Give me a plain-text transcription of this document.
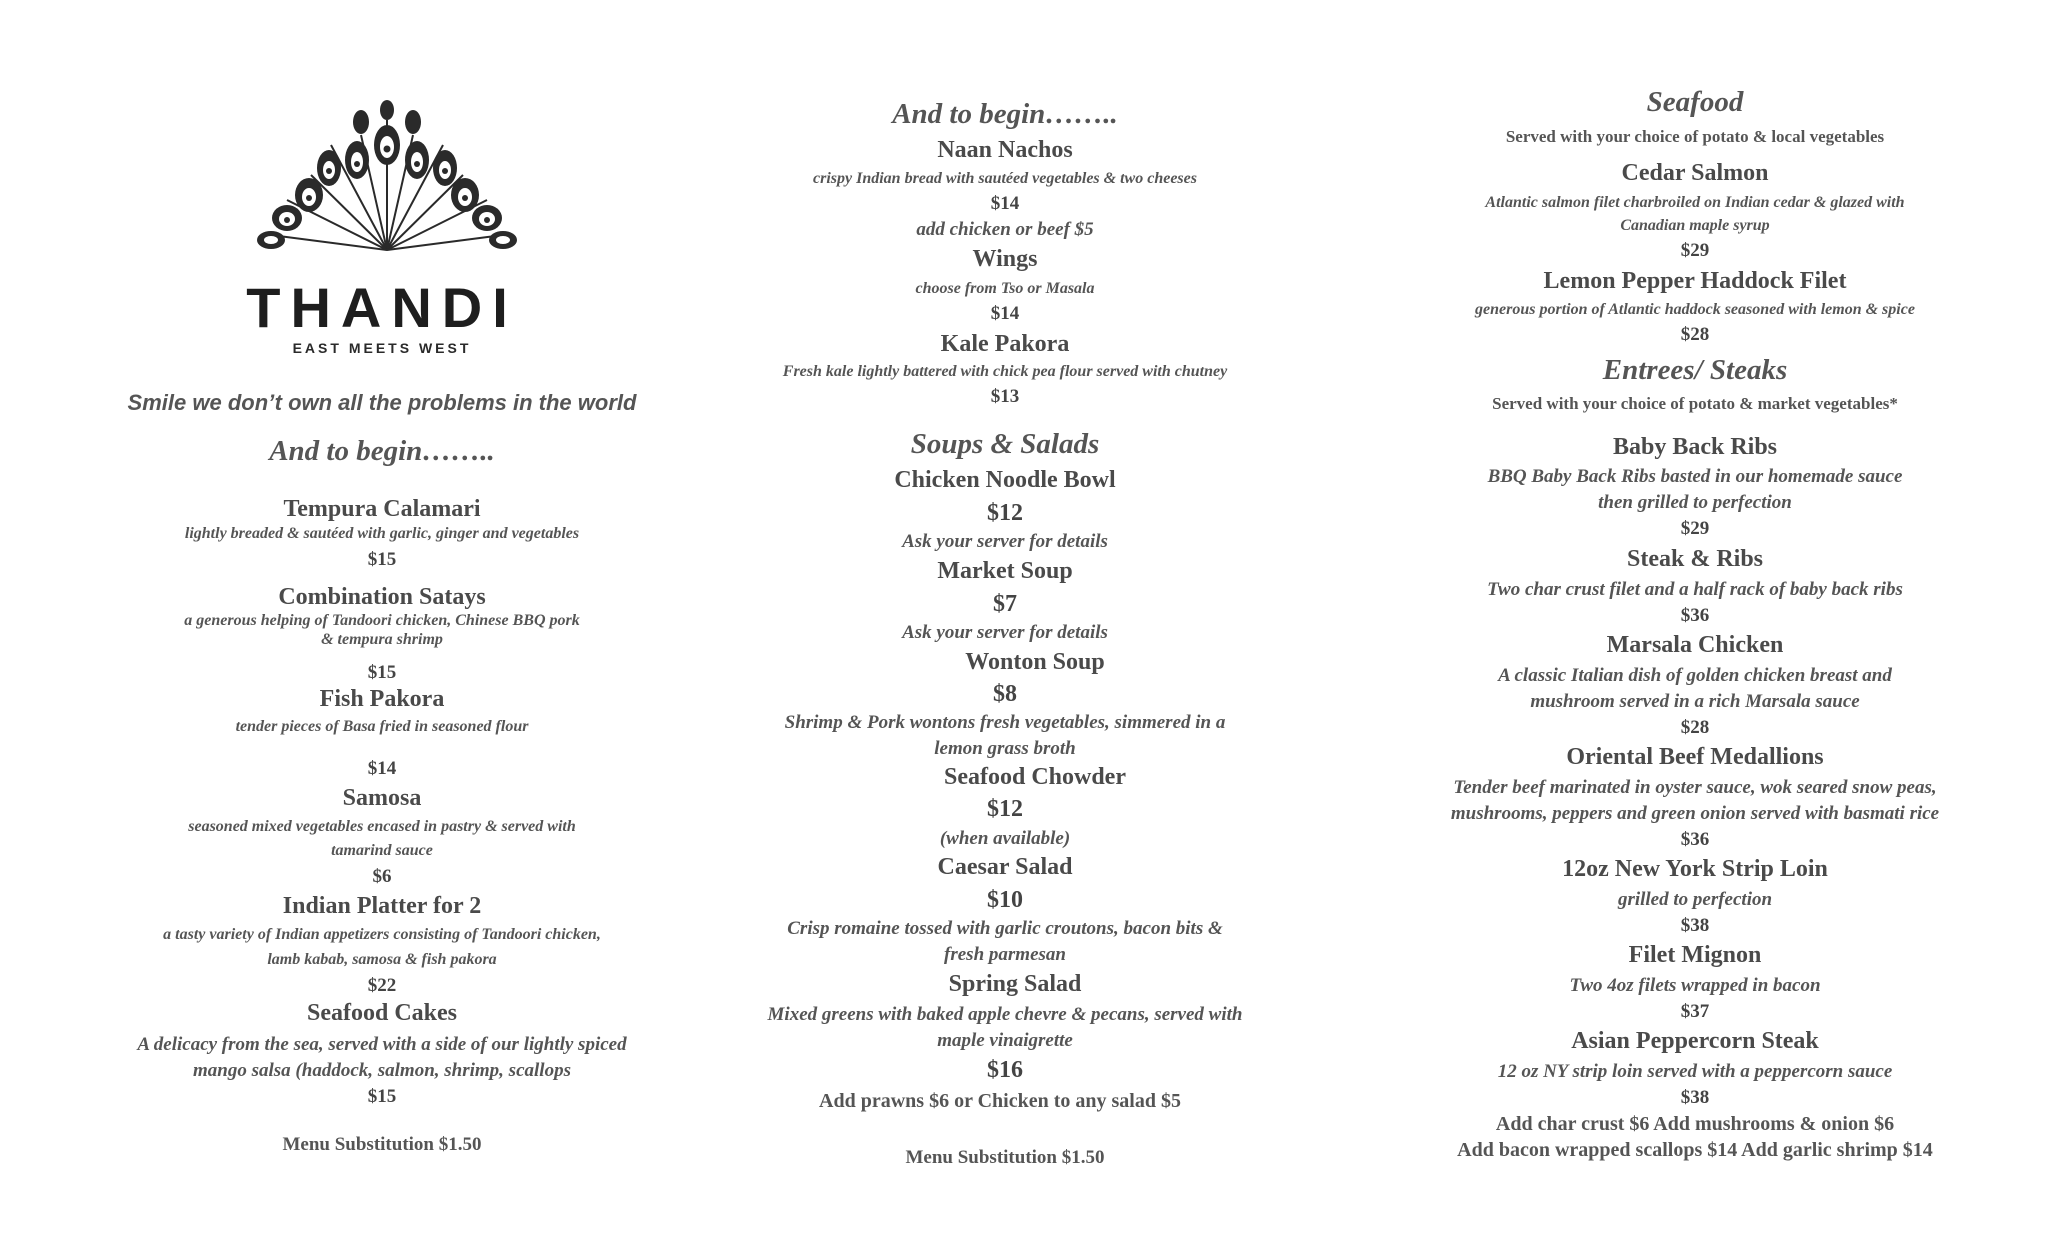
THANDI
EAST MEETS WEST
Smile we don’t own all the problems in the world
And to begin……..
Tempura Calamari
lightly breaded & sautéed with garlic, ginger and vegetables
$15
Combination Satays
a generous helping of Tandoori chicken, Chinese BBQ pork
& tempura shrimp
$15
Fish Pakora
tender pieces of Basa fried in seasoned flour
$14
Samosa
seasoned mixed vegetables encased in pastry & served with
tamarind sauce
$6
Indian Platter for 2
a tasty variety of Indian appetizers consisting of Tandoori chicken,
lamb kabab, samosa & fish pakora
$22
Seafood Cakes
A delicacy from the sea, served with a side of our lightly spiced
mango salsa (haddock, salmon, shrimp, scallops
$15
Menu Substitution $1.50
And to begin……..
Naan Nachos
crispy Indian bread with sautéed vegetables & two cheeses
$14
add chicken or beef $5
Wings
choose from Tso or Masala
$14
Kale Pakora
Fresh kale lightly battered with chick pea flour served with chutney
$13
Soups & Salads
Chicken Noodle Bowl
$12
Ask your server for details
Market Soup
$7
Ask your server for details
Wonton Soup
$8
Shrimp & Pork wontons fresh vegetables, simmered in a
lemon grass broth
Seafood Chowder
$12
(when available)
Caesar Salad
$10
Crisp romaine tossed with garlic croutons, bacon bits &
fresh parmesan
Spring Salad
Mixed greens with baked apple chevre & pecans, served with
maple vinaigrette
$16
Add prawns $6 or Chicken to any salad $5
Menu Substitution $1.50
Seafood
Served with your choice of potato & local vegetables
Cedar Salmon
Atlantic salmon filet charbroiled on Indian cedar & glazed with
Canadian maple syrup
$29
Lemon Pepper Haddock Filet
generous portion of Atlantic haddock seasoned with lemon & spice
$28
Entrees/ Steaks
Served with your choice of potato & market vegetables*
Baby Back Ribs
BBQ Baby Back Ribs basted in our homemade sauce
then grilled to perfection
$29
Steak & Ribs
Two char crust filet and a half rack of baby back ribs
$36
Marsala Chicken
A classic Italian dish of golden chicken breast and
mushroom served in a rich Marsala sauce
$28
Oriental Beef Medallions
Tender beef marinated in oyster sauce, wok seared snow peas,
mushrooms, peppers and green onion served with basmati rice
$36
12oz New York Strip Loin
grilled to perfection
$38
Filet Mignon
Two 4oz filets wrapped in bacon
$37
Asian Peppercorn Steak
12 oz NY strip loin served with a peppercorn sauce
$38
Add char crust $6 Add mushrooms & onion $6
Add bacon wrapped scallops $14 Add garlic shrimp $14
